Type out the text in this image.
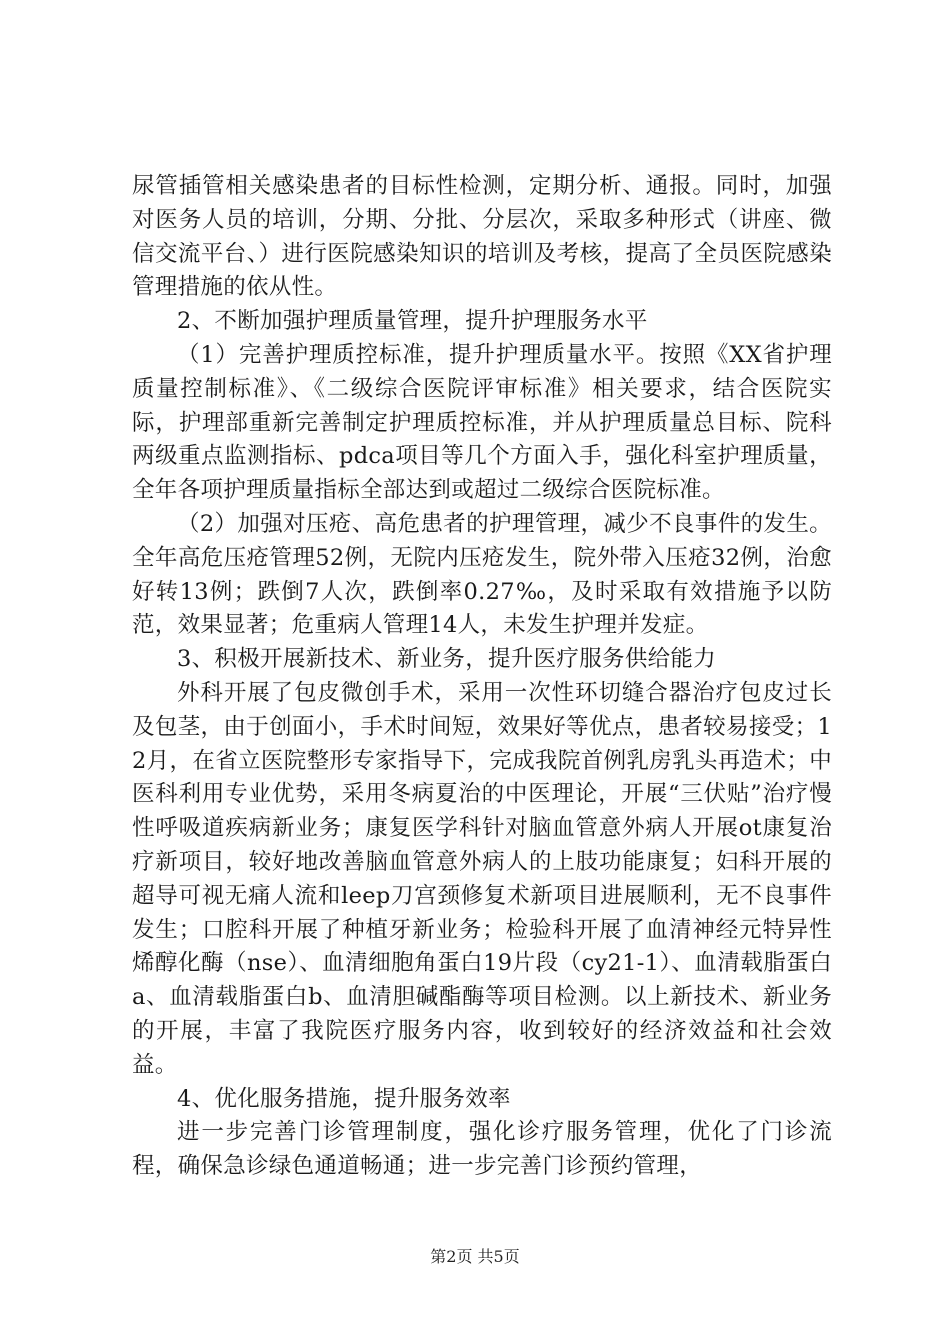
尿管插管相关感染患者的目标性检测，定期分析、通报。同时，加强对医务人员的培训，分期、分批、分层次，采取多种形式（讲座、微信交流平台、）进行医院感染知识的培训及考核，提高了全员医院感染管理措施的依从性。

2、不断加强护理质量管理，提升护理服务水平

（1）完善护理质控标准，提升护理质量水平。按照《XX省护理质量控制标准》、《二级综合医院评审标准》相关要求，结合医院实际，护理部重新完善制定护理质控标准，并从护理质量总目标、院科两级重点监测指标、pdca项目等几个方面入手，强化科室护理质量，全年各项护理质量指标全部达到或超过二级综合医院标准。

（2）加强对压疮、高危患者的护理管理，减少不良事件的发生。全年高危压疮管理52例，无院内压疮发生，院外带入压疮32例，治愈好转13例；跌倒7人次，跌倒率0.27‰，及时采取有效措施予以防范，效果显著；危重病人管理14人，未发生护理并发症。

3、积极开展新技术、新业务，提升医疗服务供给能力

外科开展了包皮微创手术，采用一次性环切缝合器治疗包皮过长及包茎，由于创面小，手术时间短，效果好等优点，患者较易接受；12月，在省立医院整形专家指导下，完成我院首例乳房乳头再造术；中医科利用专业优势，采用冬病夏治的中医理论，开展“三伏贴”治疗慢性呼吸道疾病新业务；康复医学科针对脑血管意外病人开展ot康复治疗新项目，较好地改善脑血管意外病人的上肢功能康复；妇科开展的超导可视无痛人流和leep刀宫颈修复术新项目进展顺利，无不良事件发生；口腔科开展了种植牙新业务；检验科开展了血清神经元特异性烯醇化酶（nse）、血清细胞角蛋白19片段（cy21-1）、血清载脂蛋白a、血清载脂蛋白b、血清胆碱酯酶等项目检测。以上新技术、新业务的开展，丰富了我院医疗服务内容，收到较好的经济效益和社会效益。

4、优化服务措施，提升服务效率

进一步完善门诊管理制度，强化诊疗服务管理，优化了门诊流程，确保急诊绿色通道畅通；进一步完善门诊预约管理，

第2页 共5页
